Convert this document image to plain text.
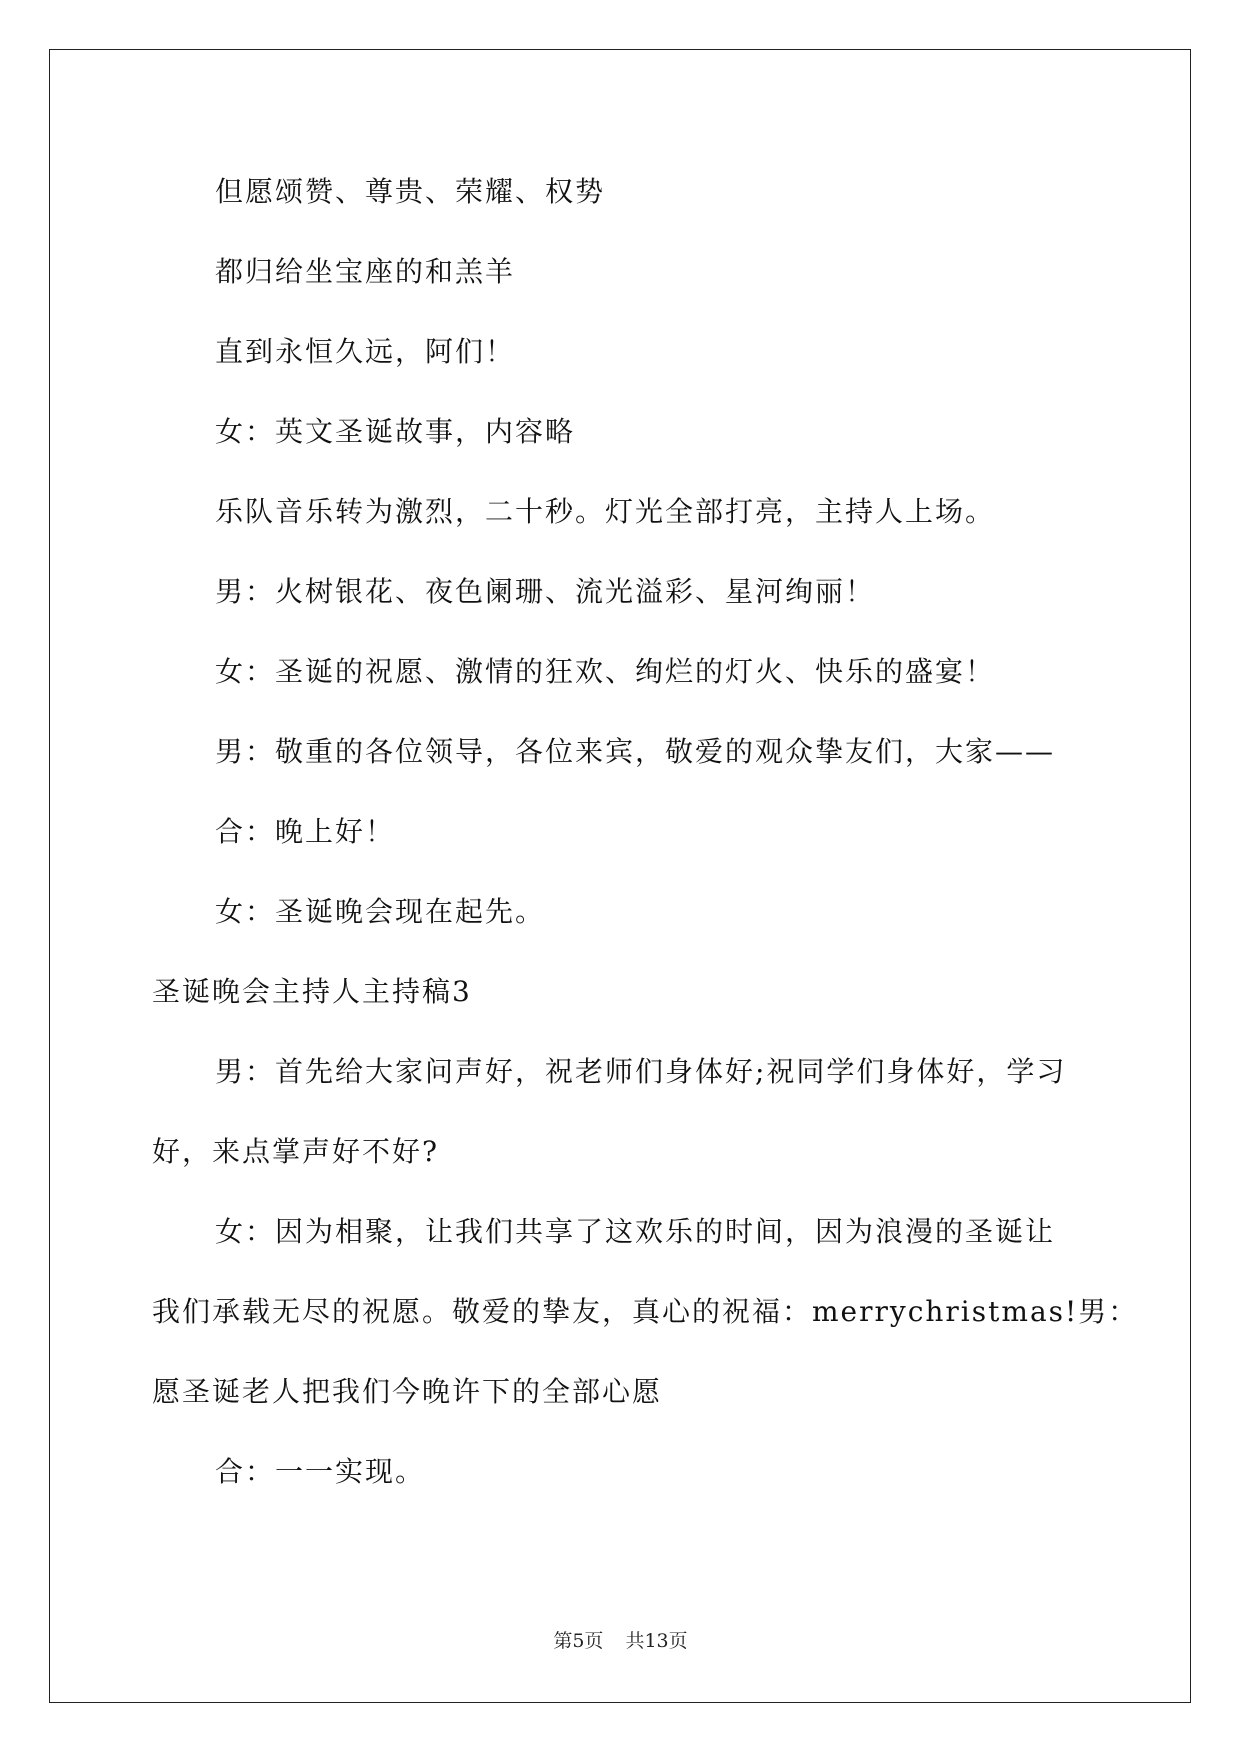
但愿颂赞、尊贵、荣耀、权势
都归给坐宝座的和羔羊
直到永恒久远，阿们！
女：英文圣诞故事，内容略
乐队音乐转为激烈，二十秒。灯光全部打亮，主持人上场。
男：火树银花、夜色阑珊、流光溢彩、星河绚丽！
女：圣诞的祝愿、激情的狂欢、绚烂的灯火、快乐的盛宴！
男：敬重的各位领导，各位来宾，敬爱的观众挚友们，大家——
合：晚上好！
女：圣诞晚会现在起先。
圣诞晚会主持人主持稿3
男：首先给大家问声好，祝老师们身体好;祝同学们身体好，学习
好，来点掌声好不好?
女：因为相聚，让我们共享了这欢乐的时间，因为浪漫的圣诞让
我们承载无尽的祝愿。敬爱的挚友，真心的祝福：merrychristmas!男：
愿圣诞老人把我们今晚许下的全部心愿
合：一一实现。
第5页 共13页
